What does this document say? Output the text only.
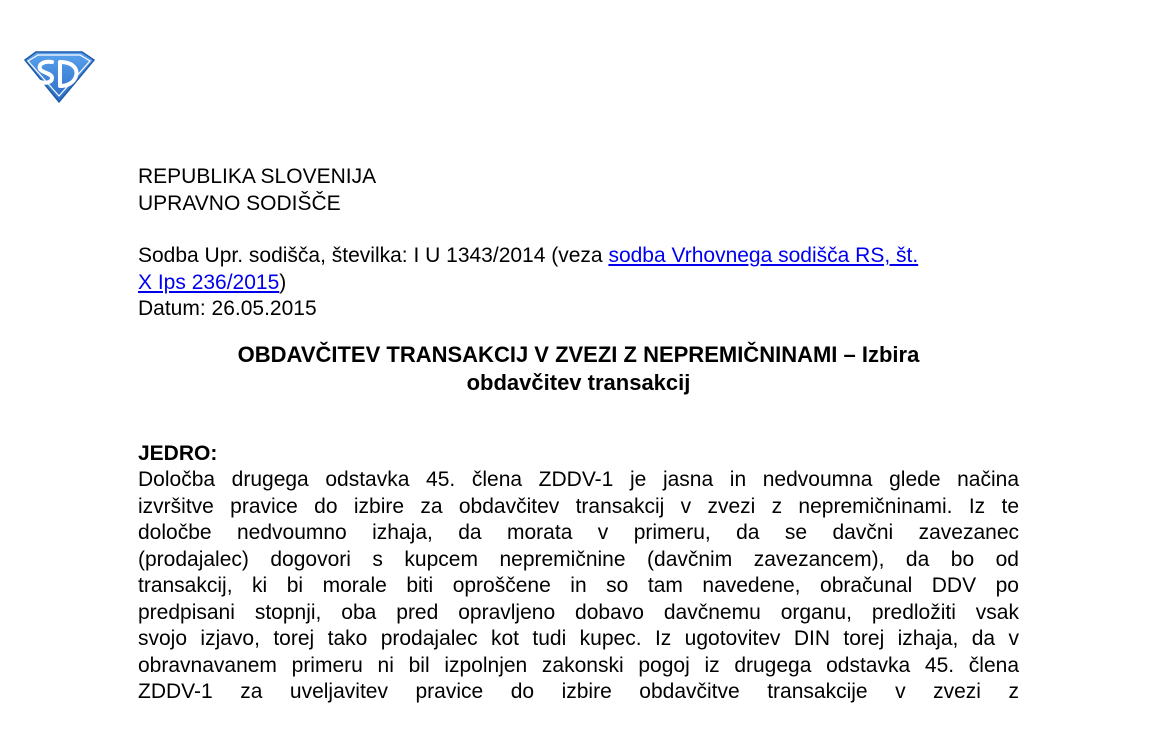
REPUBLIKA SLOVENIJA
UPRAVNO SODIŠČE
Sodba Upr. sodišča, številka: I U 1343/2014 (veza sodba Vrhovnega sodišča RS, št.
X Ips 236/2015)
Datum: 26.05.2015
OBDAVČITEV TRANSAKCIJ V ZVEZI Z NEPREMIČNINAMI – Izbira
obdavčitev transakcij
JEDRO:
Določba drugega odstavka 45. člena ZDDV-1 je jasna in nedvoumna glede načina
izvršitve pravice do izbire za obdavčitev transakcij v zvezi z nepremičninami. Iz te
določbe nedvoumno izhaja, da morata v primeru, da se davčni zavezanec
(prodajalec) dogovori s kupcem nepremičnine (davčnim zavezancem), da bo od
transakcij, ki bi morale biti oproščene in so tam navedene, obračunal DDV po
predpisani stopnji, oba pred opravljeno dobavo davčnemu organu, predložiti vsak
svojo izjavo, torej tako prodajalec kot tudi kupec. Iz ugotovitev DIN torej izhaja, da v
obravnavanem primeru ni bil izpolnjen zakonski pogoj iz drugega odstavka 45. člena
ZDDV-1 za uveljavitev pravice do izbire obdavčitve transakcije v zvezi z
